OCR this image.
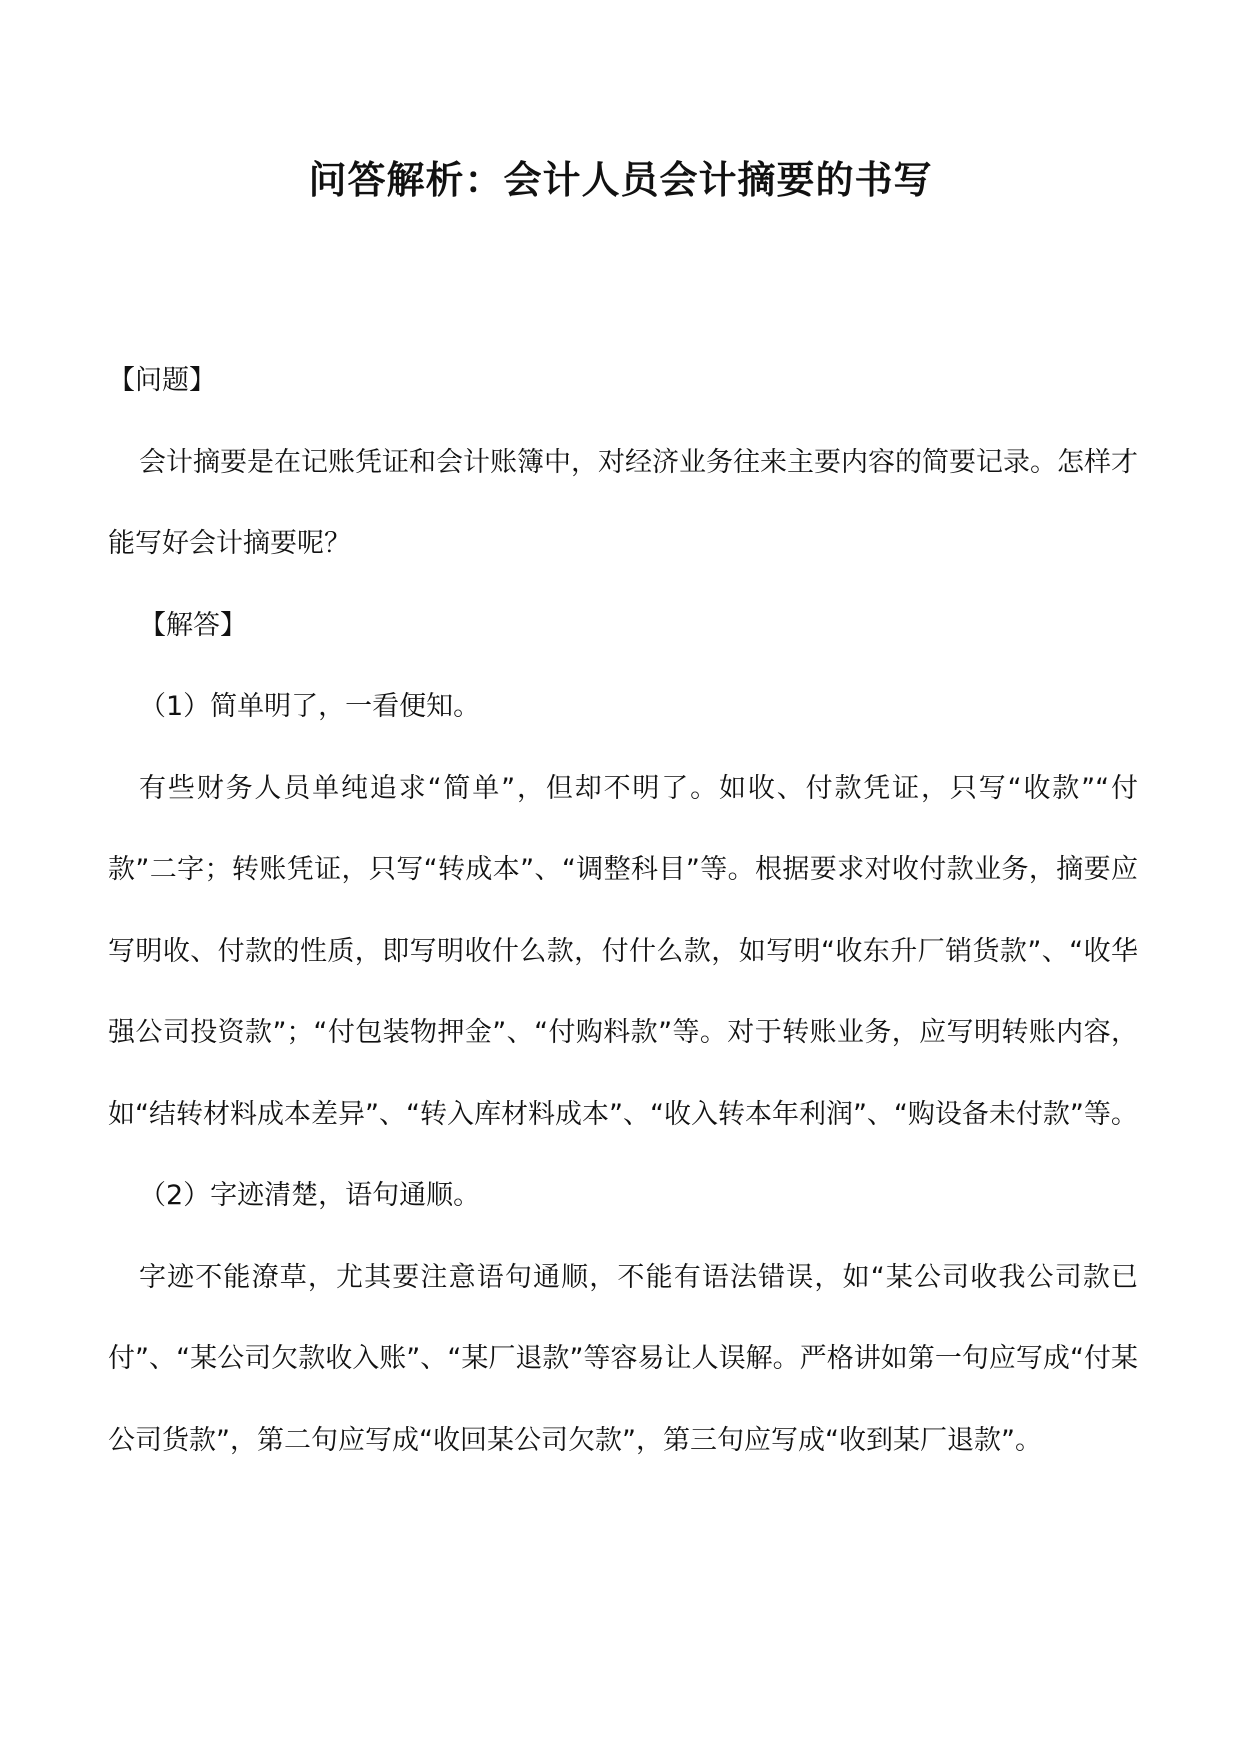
问答解析：会计人员会计摘要的书写

【问题】

会计摘要是在记账凭证和会计账簿中，对经济业务往来主要内容的简要记录。怎样才能写好会计摘要呢？

【解答】

（1）简单明了，一看便知。

有些财务人员单纯追求“简单”，但却不明了。如收、付款凭证，只写“收款”“付款”二字；转账凭证，只写“转成本”、“调整科目”等。根据要求对收付款业务，摘要应写明收、付款的性质，即写明收什么款，付什么款，如写明“收东升厂销货款”、“收华强公司投资款”；“付包装物押金”、“付购料款”等。对于转账业务，应写明转账内容，如“结转材料成本差异”、“转入库材料成本”、“收入转本年利润”、“购设备未付款”等。

（2）字迹清楚，语句通顺。

字迹不能潦草，尤其要注意语句通顺，不能有语法错误，如“某公司收我公司款已付”、“某公司欠款收入账”、“某厂退款”等容易让人误解。严格讲如第一句应写成“付某公司货款”，第二句应写成“收回某公司欠款”，第三句应写成“收到某厂退款”。
